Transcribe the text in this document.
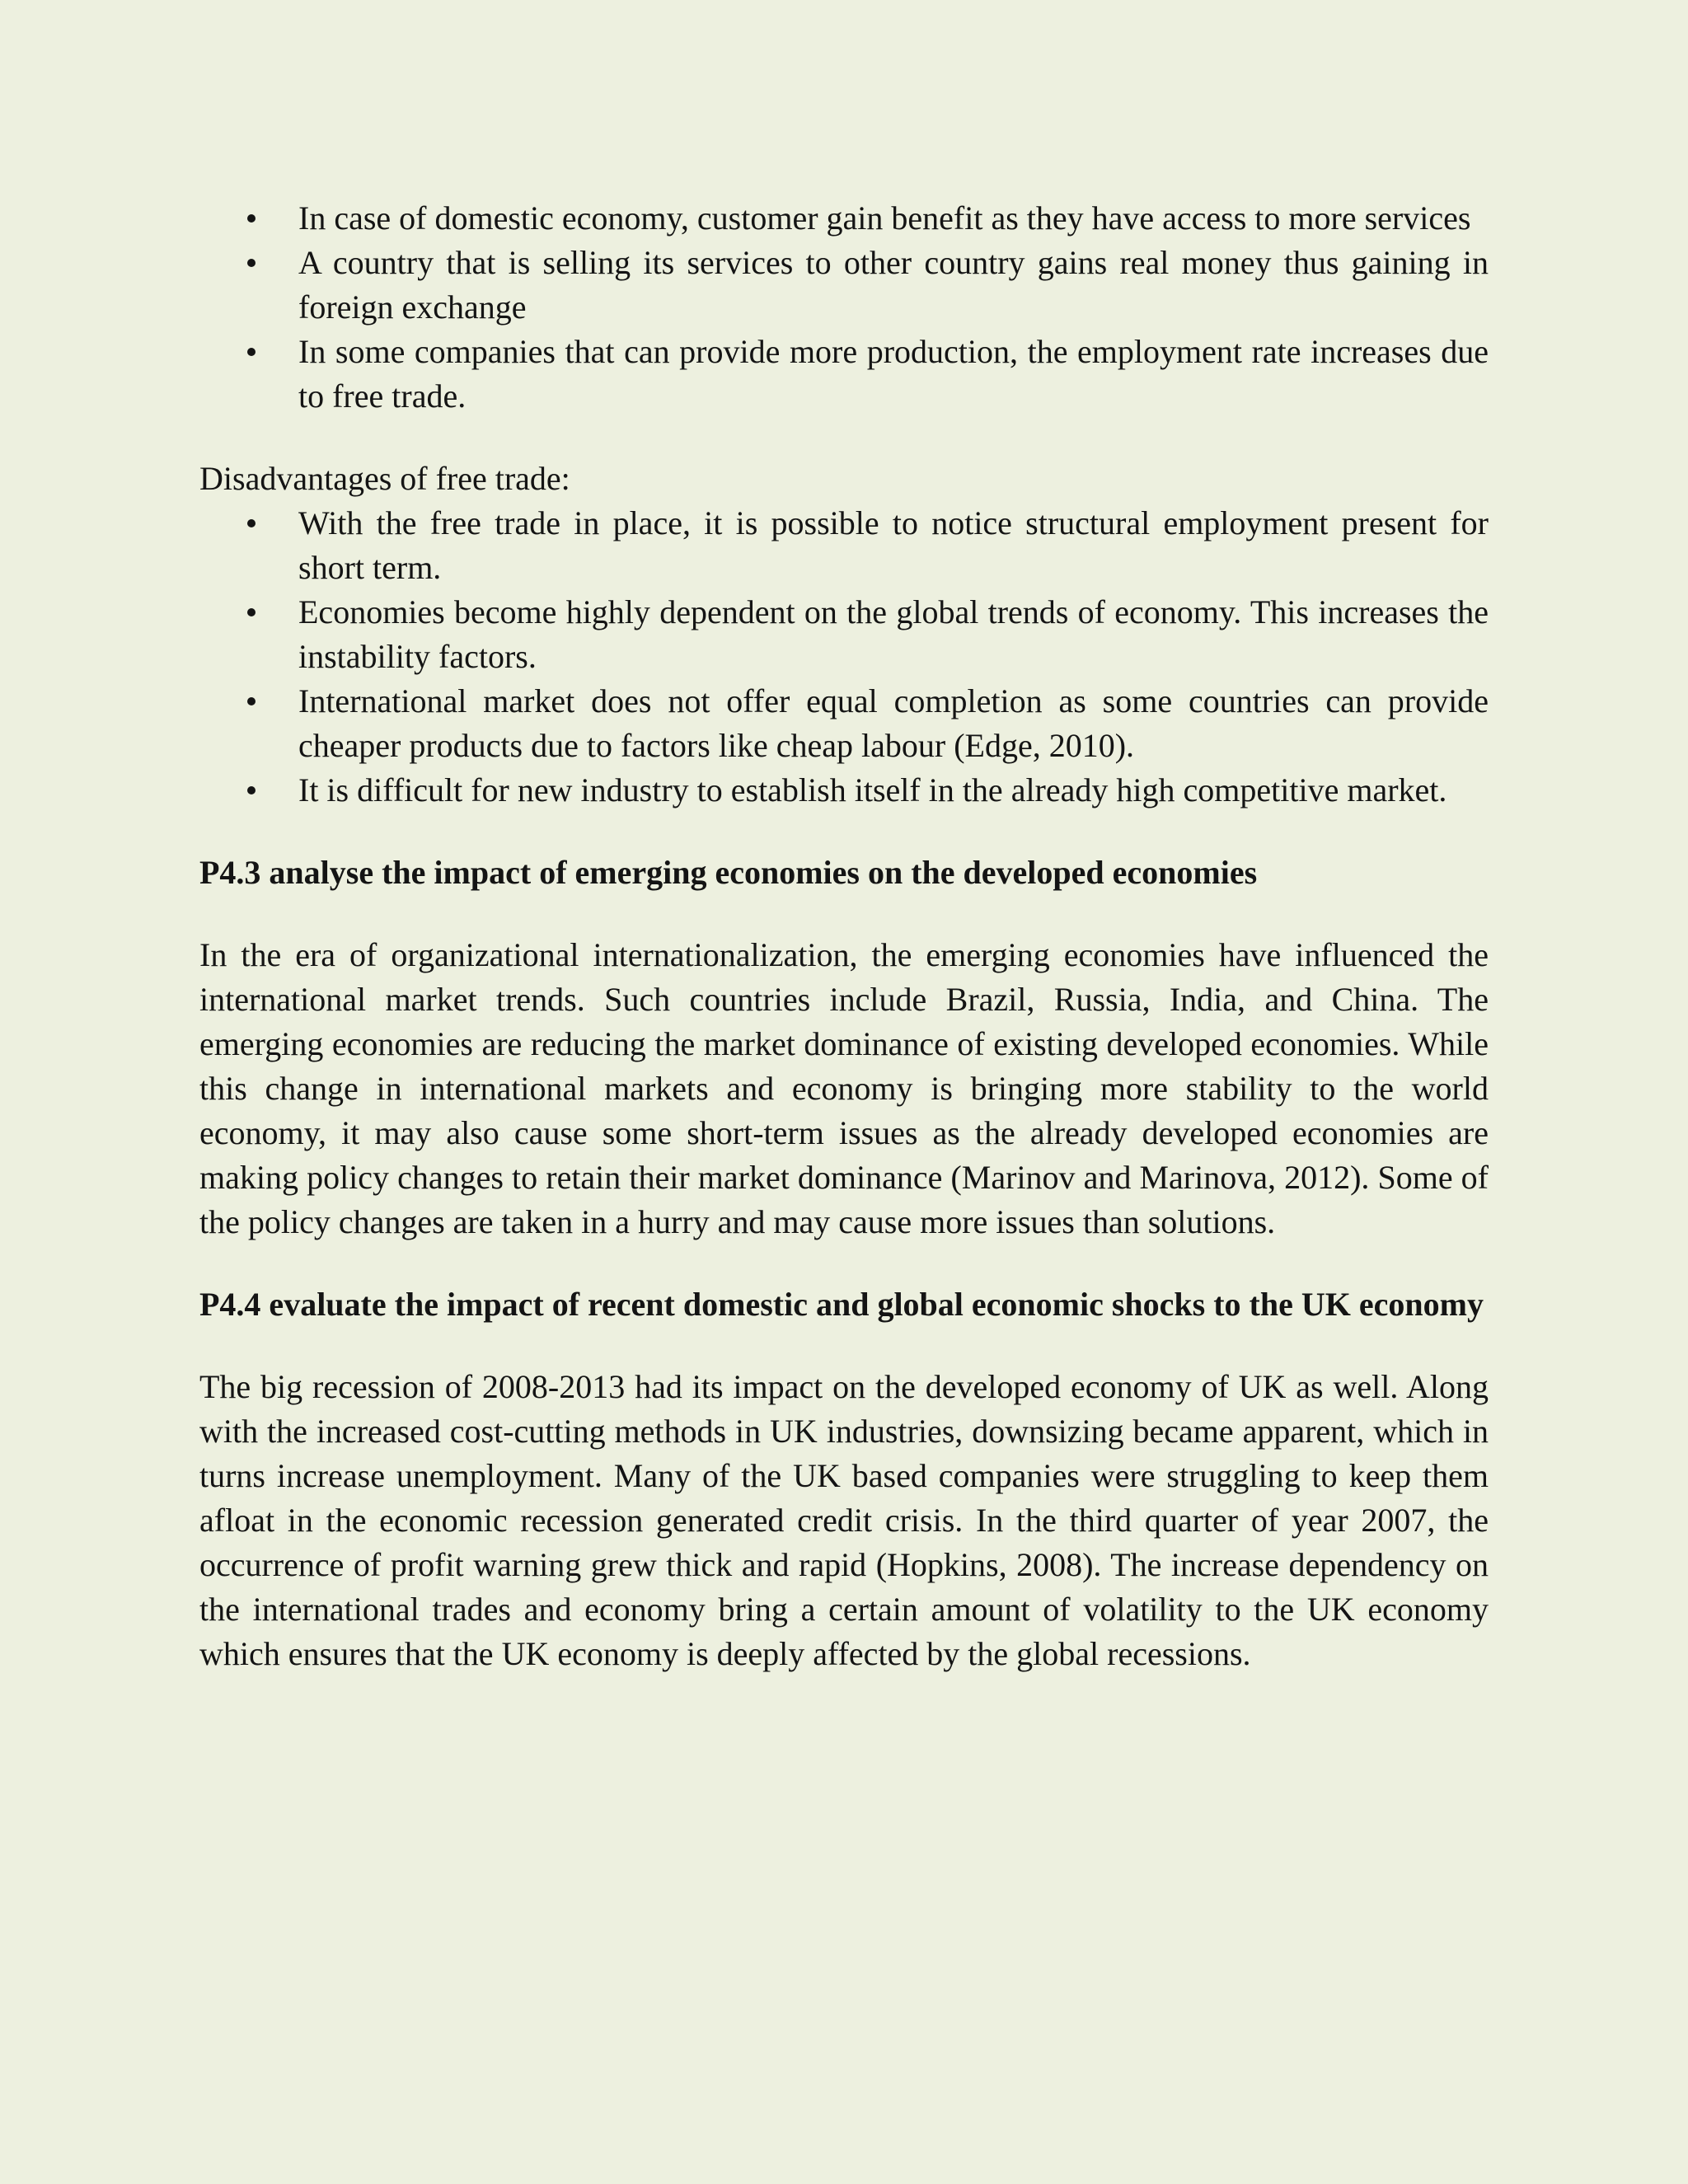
In case of domestic economy, customer gain benefit as they have access to more services
A country that is selling its services to other country gains real money thus gaining in foreign exchange
In some companies that can provide more production, the employment rate increases due to free trade.
Disadvantages of free trade:
With the free trade in place, it is possible to notice structural employment present for short term.
Economies become highly dependent on the global trends of economy. This increases the instability factors.
International market does not offer equal completion as some countries can provide cheaper products due to factors like cheap labour (Edge, 2010).
It is difficult for new industry to establish itself in the already high competitive market.
P4.3 analyse the impact of emerging economies on the developed economies

In the era of organizational internationalization, the emerging economies have influenced the international market trends. Such countries include Brazil, Russia, India, and China. The emerging economies are reducing the market dominance of existing developed economies. While this change in international markets and economy is bringing more stability to the world economy, it may also cause some short-term issues as the already developed economies are making policy changes to retain their market dominance (Marinov and Marinova, 2012). Some of the policy changes are taken in a hurry and may cause more issues than solutions.

P4.4 evaluate the impact of recent domestic and global economic shocks to the UK economy

The big recession of 2008-2013 had its impact on the developed economy of UK as well. Along with the increased cost-cutting methods in UK industries, downsizing became apparent, which in turns increase unemployment. Many of the UK based companies were struggling to keep them afloat in the economic recession generated credit crisis. In the third quarter of year 2007, the occurrence of profit warning grew thick and rapid (Hopkins, 2008). The increase dependency on the international trades and economy bring a certain amount of volatility to the UK economy which ensures that the UK economy is deeply affected by the global recessions.
